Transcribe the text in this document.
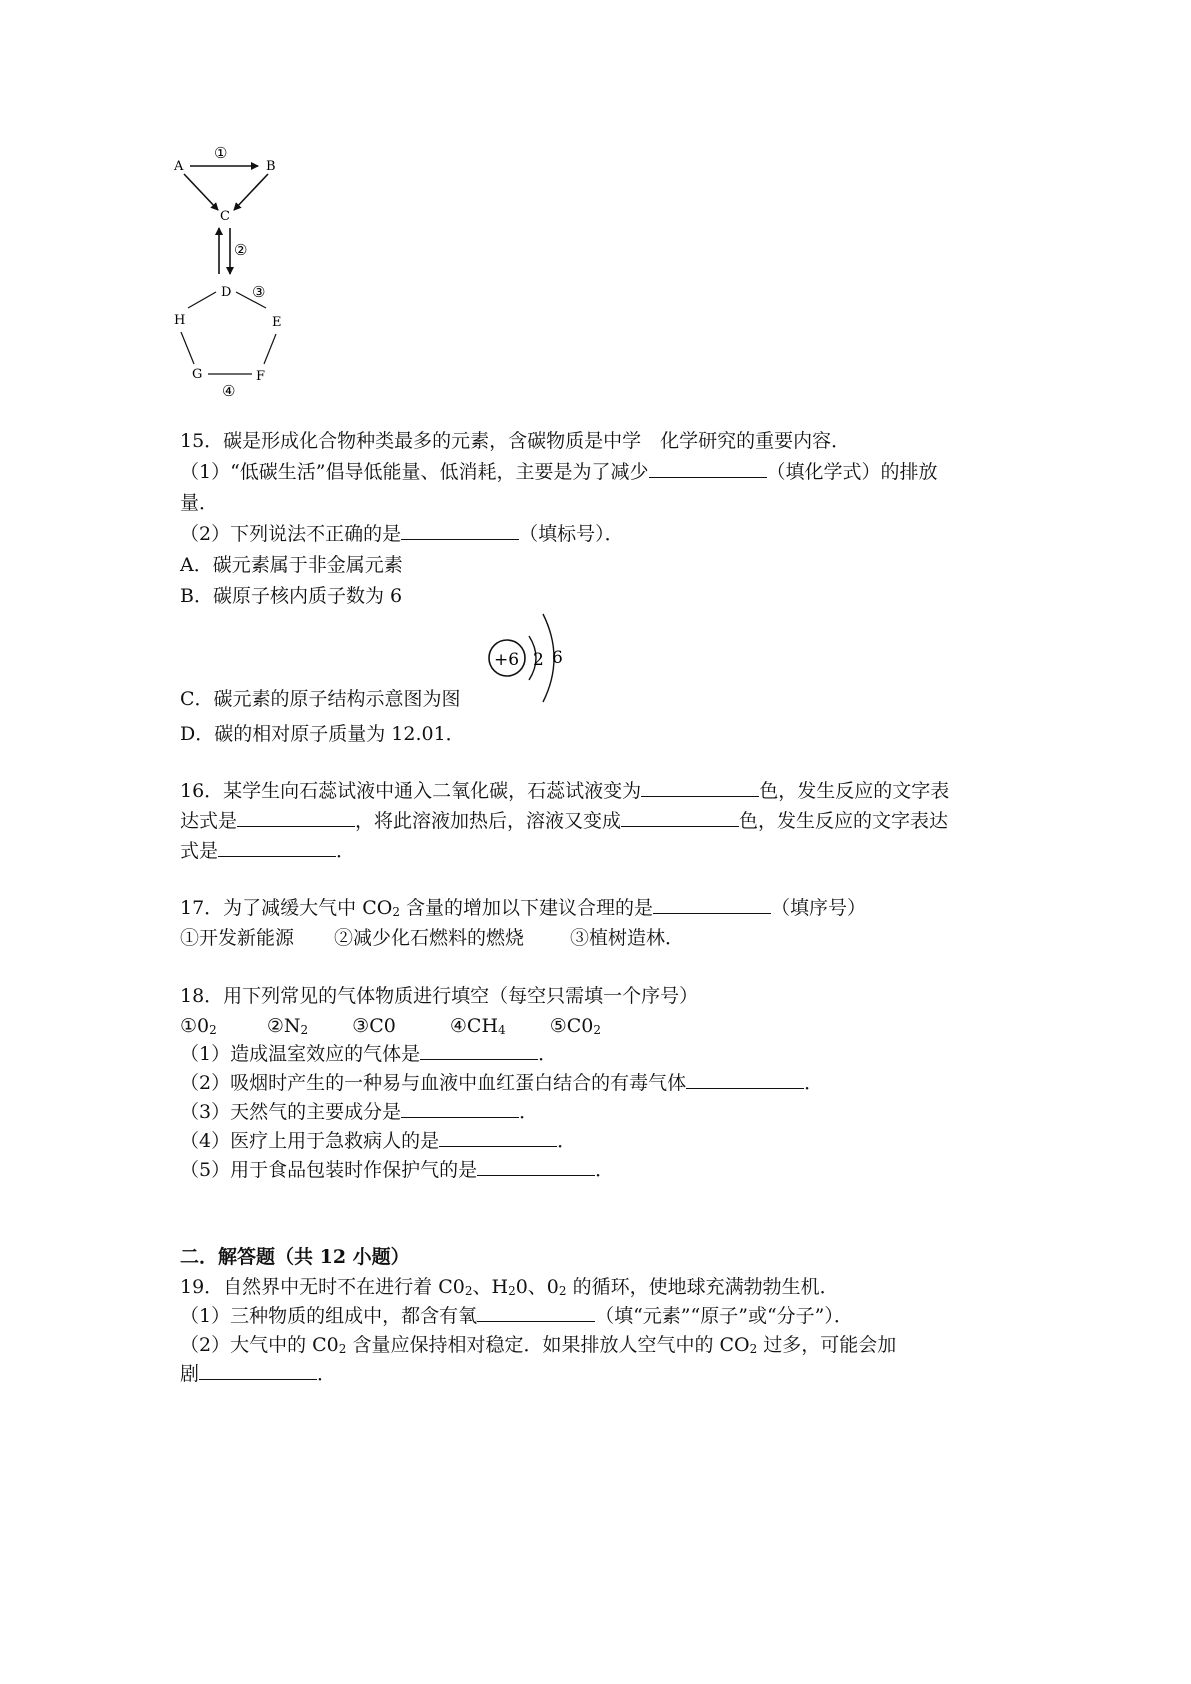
①
A	B
C
②
D ③
H	E
G	F
④
15．碳是形成化合物种类最多的元素，含碳物质是中学　化学研究的重要内容．
（1）“低碳生活”倡导低能量、低消耗，主要是为了减少	（填化学式）的排放
量．
（2）下列说法不正确的是	（填标号）．
A．碳元素属于非金属元素
B．碳原子核内质子数为 6
+6 2 6
C．碳元素的原子结构示意图为图
D．碳的相对原子质量为 12.01．
16．某学生向石蕊试液中通入二氧化碳，石蕊试液变为	色，发生反应的文字表
达式是	，将此溶液加热后，溶液又变成	色，发生反应的文字表达
式是	．
17．为了减缓大气中 $CO_2$ 含量的增加以下建议合理的是	（填序号）
①开发新能源 ②减少化石燃料的燃烧 ③植树造林．
18．用下列常见的气体物质进行填空（每空只需填一个序号）
$①0_2$	$②N_2$ ③C0	$④CH_4$ $⑤C0_2$
（1）造成温室效应的气体是	．
（2）吸烟时产生的一种易与血液中血红蛋白结合的有毒气体	．
（3）天然气的主要成分是	．
（4）医疗上用于急救病人的是	．
（5）用于食品包装时作保护气的是	．
二．解答题（共 12 小题）
19．自然界中无时不在进行着 $C0_2$、$H_20$、$0_2$ 的循环，使地球充满勃勃生机．
（1）三种物质的组成中，都含有氧	（填“元素”“原子”或“分子”）．
（2）大气中的 $C0_2$ 含量应保持相对稳定．如果排放人空气中的 $CO_2$ 过多，可能会加
剧	．
